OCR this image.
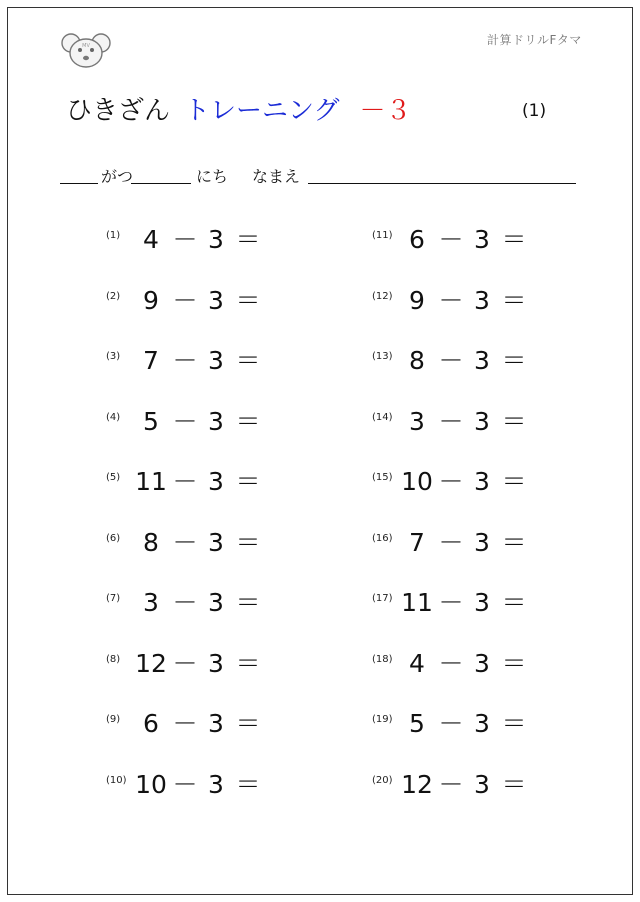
MV	計算ドリルFタマ
ひきざん トレーニング －３	(1)
がつ	にち なまえ
(1) 4 － 3 ＝
(2) 9 － 3 ＝
(3) 7 － 3 ＝
(4) 5 － 3 ＝
(5) 11 － 3 ＝
(6) 8 － 3 ＝
(7) 3 － 3 ＝
(8) 12 － 3 ＝
(9) 6 － 3 ＝
(10) 10 － 3 ＝
(11) 6 － 3 ＝
(12) 9 － 3 ＝
(13) 8 － 3 ＝
(14) 3 － 3 ＝
(15) 10 － 3 ＝
(16) 7 － 3 ＝
(17) 11 － 3 ＝
(18) 4 － 3 ＝
(19) 5 － 3 ＝
(20) 12 － 3 ＝
